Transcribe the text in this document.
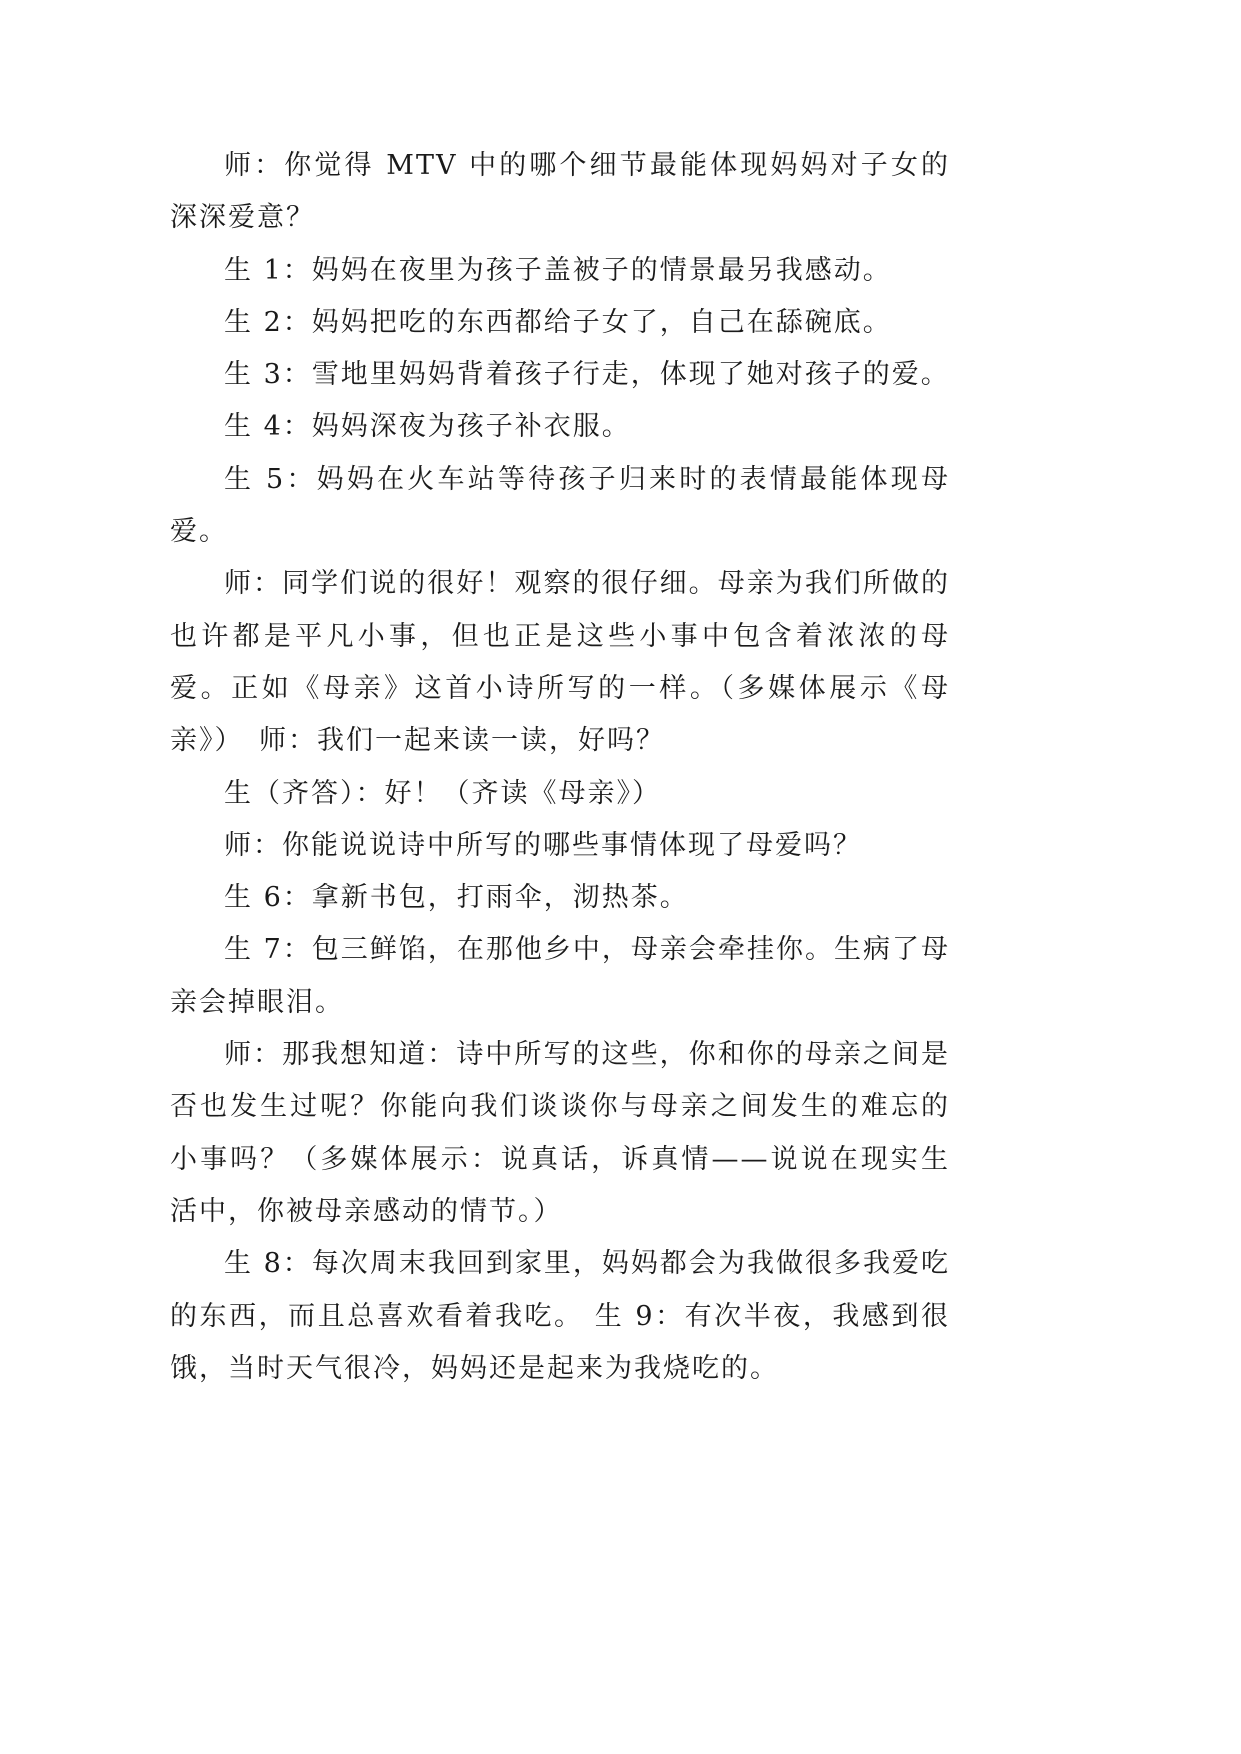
师：你觉得 MTV 中的哪个细节最能体现妈妈对子女的深深爱意？

生 1：妈妈在夜里为孩子盖被子的情景最另我感动。

生 2：妈妈把吃的东西都给子女了，自己在舔碗底。

生 3：雪地里妈妈背着孩子行走，体现了她对孩子的爱。

生 4：妈妈深夜为孩子补衣服。

生 5：妈妈在火车站等待孩子归来时的表情最能体现母爱。

师：同学们说的很好！观察的很仔细。母亲为我们所做的也许都是平凡小事，但也正是这些小事中包含着浓浓的母爱。正如《母亲》这首小诗所写的一样。（多媒体展示《母亲》）　师：我们一起来读一读，好吗？

生（齐答）：好！（齐读《母亲》）

师：你能说说诗中所写的哪些事情体现了母爱吗？

生 6：拿新书包，打雨伞，沏热茶。

生 7：包三鲜馅，在那他乡中，母亲会牵挂你。生病了母亲会掉眼泪。

师：那我想知道：诗中所写的这些，你和你的母亲之间是否也发生过呢？你能向我们谈谈你与母亲之间发生的难忘的小事吗？（多媒体展示：说真话，诉真情——说说在现实生活中，你被母亲感动的情节。）

生 8：每次周末我回到家里，妈妈都会为我做很多我爱吃的东西，而且总喜欢看着我吃。 生 9：有次半夜，我感到很饿，当时天气很冷，妈妈还是起来为我烧吃的。
